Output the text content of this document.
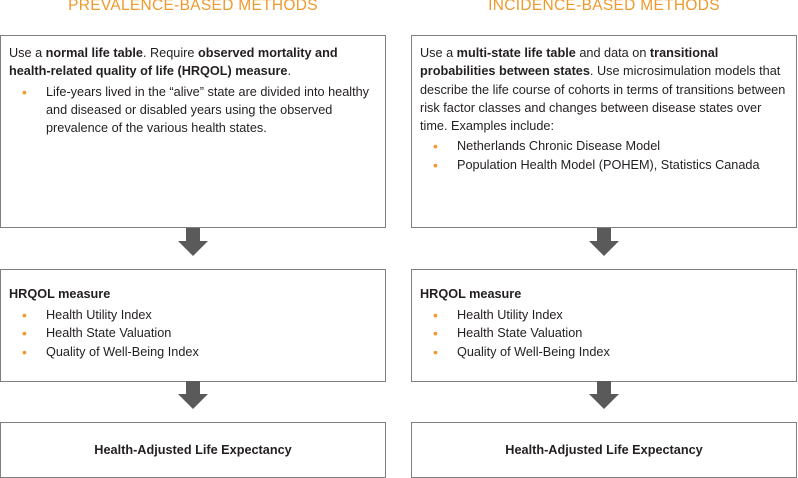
PREVALENCE-BASED METHODS

Use a normal life table. Require observed mortality and health-related quality of life (HRQOL) measure.

• Life-years lived in the “alive” state are divided into healthy and diseased or disabled years using the observed prevalence of the various health states.
HRQOL measure
• Health Utility Index
• Health State Valuation
• Quality of Well-Being Index
Health-Adjusted Life Expectancy
INCIDENCE-BASED METHODS

Use a multi-state life table and data on transitional probabilities between states. Use microsimulation models that describe the life course of cohorts in terms of transitions between risk factor classes and changes between disease states over time. Examples include:

• Netherlands Chronic Disease Model
• Population Health Model (POHEM), Statistics Canada
HRQOL measure
• Health Utility Index
• Health State Valuation
• Quality of Well-Being Index
Health-Adjusted Life Expectancy
